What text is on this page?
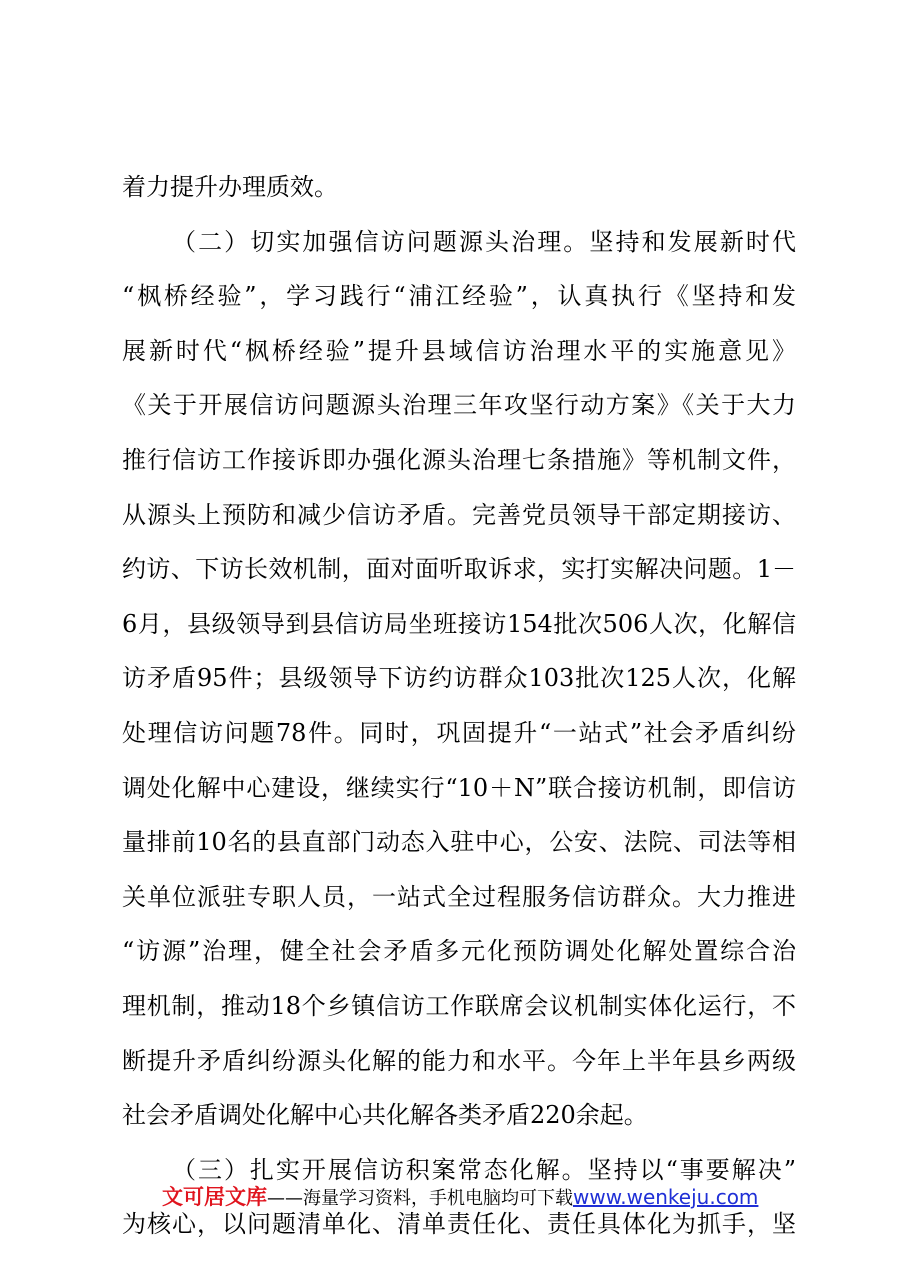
着力提升办理质效。
（二）切实加强信访问题源头治理。坚持和发展新时代
“枫桥经验”，学习践行“浦江经验”，认真执行《坚持和发
展新时代“枫桥经验”提升县域信访治理水平的实施意见》
《关于开展信访问题源头治理三年攻坚行动方案》《关于大力
推行信访工作接诉即办强化源头治理七条措施》等机制文件，
从源头上预防和减少信访矛盾。完善党员领导干部定期接访、
约访、下访长效机制，面对面听取诉求，实打实解决问题。1－
6月，县级领导到县信访局坐班接访154批次506人次，化解信
访矛盾95件；县级领导下访约访群众103批次125人次，化解
处理信访问题78件。同时，巩固提升“一站式”社会矛盾纠纷
调处化解中心建设，继续实行“10＋N”联合接访机制，即信访
量排前10名的县直部门动态入驻中心，公安、法院、司法等相
关单位派驻专职人员，一站式全过程服务信访群众。大力推进
“访源”治理，健全社会矛盾多元化预防调处化解处置综合治
理机制，推动18个乡镇信访工作联席会议机制实体化运行，不
断提升矛盾纠纷源头化解的能力和水平。今年上半年县乡两级
社会矛盾调处化解中心共化解各类矛盾220余起。
（三）扎实开展信访积案常态化解。坚持以“事要解决”
为核心，以问题清单化、清单责任化、责任具体化为抓手，坚
文可居文库——海量学习资料，手机电脑均可下载www.wenkeju.com
